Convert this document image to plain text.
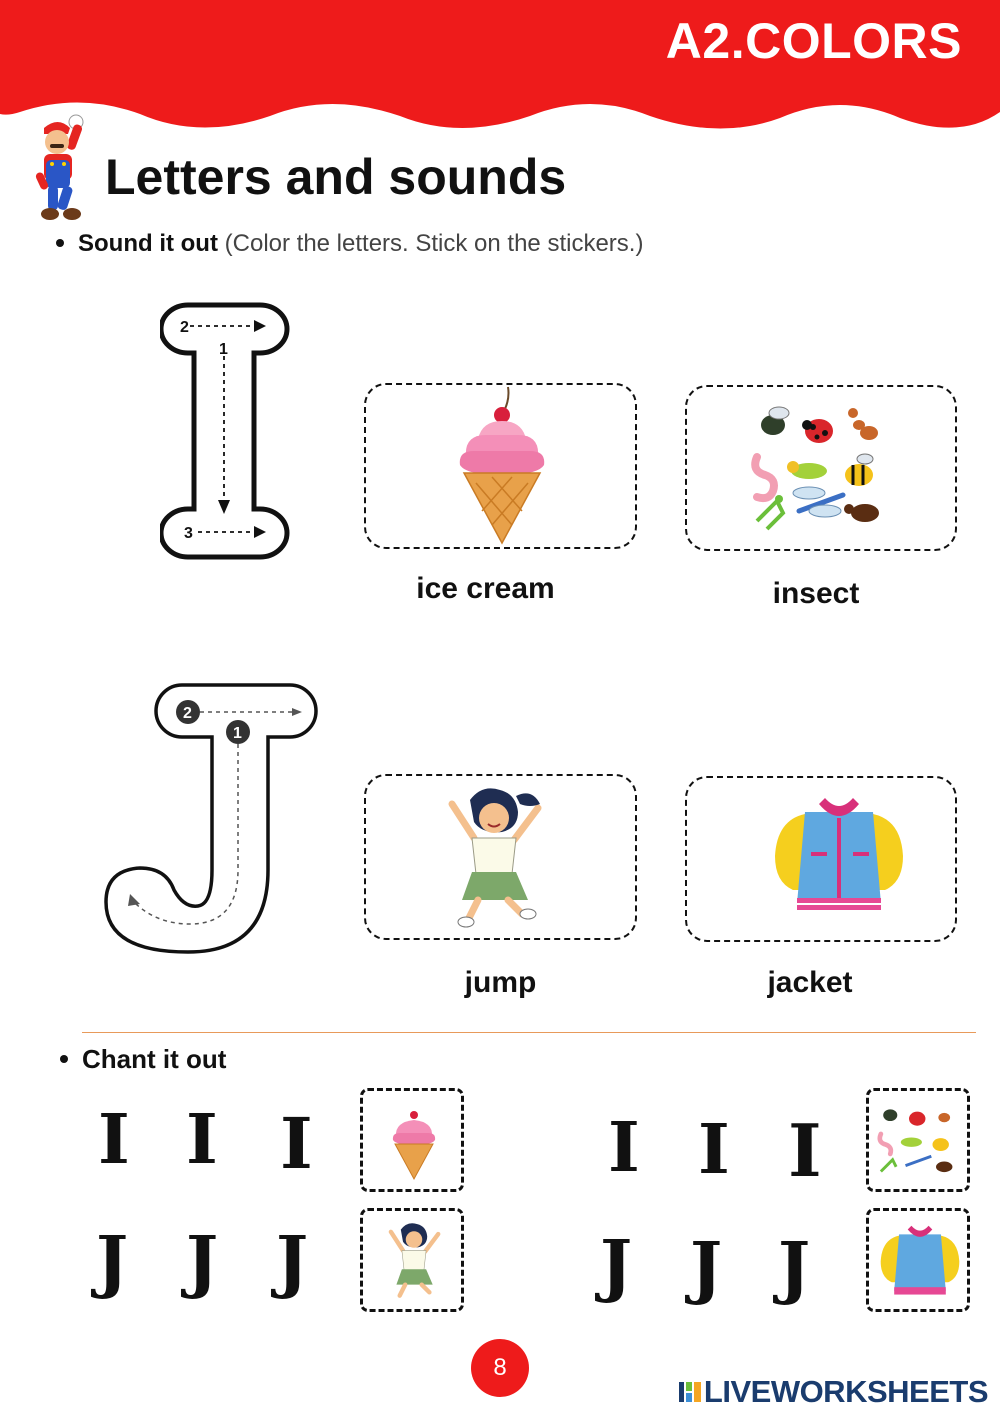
A2.COLORS
Letters and sounds
Sound it out (Color the letters. Stick on the stickers.)
2
1
3
ice cream	insect
2
1
jump	jacket
Chant it out
I I I
J J J
I I I
J J J
8
LIVEWORKSHEETS
